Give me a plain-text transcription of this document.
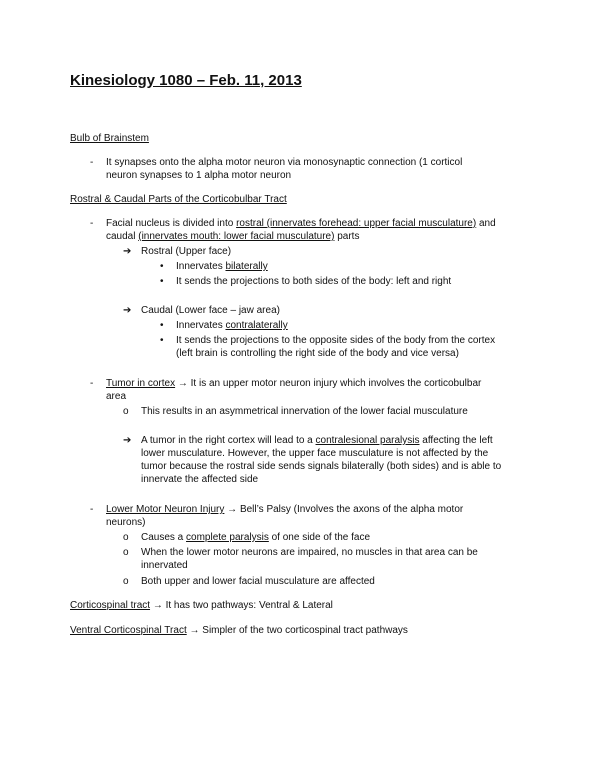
Kinesiology 1080 – Feb. 11, 2013
Bulb of Brainstem
- It synapses onto the alpha motor neuron via monosynaptic connection (1 corticol
neuron synapses to 1 alpha motor neuron
Rostral & Caudal Parts of the Corticobulbar Tract
- Facial nucleus is divided into rostral (innervates forehead: upper facial musculature) and
caudal (innervates mouth: lower facial musculature) parts
➔ Rostral (Upper face)
• Innervates bilaterally
• It sends the projections to both sides of the body: left and right
➔ Caudal (Lower face – jaw area)
• Innervates contralaterally
• It sends the projections to the opposite sides of the body from the cortex
(left brain is controlling the right side of the body and vice versa)
- Tumor in cortex → It is an upper motor neuron injury which involves the corticobulbar
area
o This results in an asymmetrical innervation of the lower facial musculature
➔ A tumor in the right cortex will lead to a contralesional paralysis affecting the left
lower musculature. However, the upper face musculature is not affected by the
tumor because the rostral side sends signals bilaterally (both sides) and is able to
innervate the affected side
- Lower Motor Neuron Injury → Bell’s Palsy (Involves the axons of the alpha motor
neurons)
o Causes a complete paralysis of one side of the face
o When the lower motor neurons are impaired, no muscles in that area can be
innervated
o Both upper and lower facial musculature are affected
Corticospinal tract → It has two pathways: Ventral & Lateral
Ventral Corticospinal Tract → Simpler of the two corticospinal tract pathways
